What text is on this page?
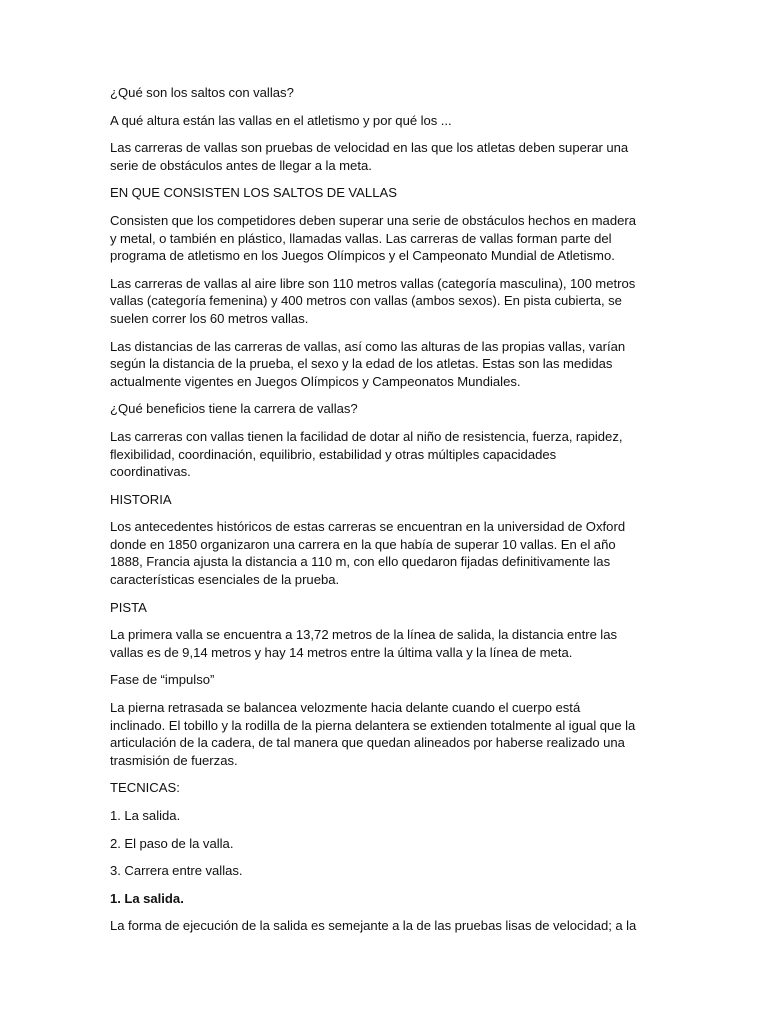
¿Qué son los saltos con vallas?

A qué altura están las vallas en el atletismo y por qué los ...

Las carreras de vallas son pruebas de velocidad en las que los atletas deben superar una serie de obstáculos antes de llegar a la meta.

EN QUE CONSISTEN LOS SALTOS DE VALLAS

Consisten que los competidores deben superar una serie de obstáculos hechos en madera y metal, o también en plástico, llamadas vallas. Las carreras de vallas forman parte del programa de atletismo en los Juegos Olímpicos y el Campeonato Mundial de Atletismo.

Las carreras de vallas al aire libre son 110 metros vallas (categoría masculina), 100 metros vallas (categoría femenina) y 400 metros con vallas (ambos sexos). En pista cubierta, se suelen correr los 60 metros vallas.

Las distancias de las carreras de vallas, así como las alturas de las propias vallas, varían según la distancia de la prueba, el sexo y la edad de los atletas. Estas son las medidas actualmente vigentes en Juegos Olímpicos y Campeonatos Mundiales.

¿Qué beneficios tiene la carrera de vallas?

Las carreras con vallas tienen la facilidad de dotar al niño de resistencia, fuerza, rapidez, flexibilidad, coordinación, equilibrio, estabilidad y otras múltiples capacidades coordinativas.

HISTORIA

Los antecedentes históricos de estas carreras se encuentran en la universidad de Oxford donde en 1850 organizaron una carrera en la que había de superar 10 vallas. En el año 1888, Francia ajusta la distancia a 110 m, con ello quedaron fijadas definitivamente las características esenciales de la prueba.

PISTA

La primera valla se encuentra a 13,72 metros de la línea de salida, la distancia entre las vallas es de 9,14 metros y hay 14 metros entre la última valla y la línea de meta.

Fase de “impulso”

La pierna retrasada se balancea velozmente hacia delante cuando el cuerpo está inclinado. El tobillo y la rodilla de la pierna delantera se extienden totalmente al igual que la articulación de la cadera, de tal manera que quedan alineados por haberse realizado una trasmisión de fuerzas.

TECNICAS:

1. La salida.

2. El paso de la valla.

3. Carrera entre vallas.

1. La salida.

La forma de ejecución de la salida es semejante a la de las pruebas lisas de velocidad; a la
